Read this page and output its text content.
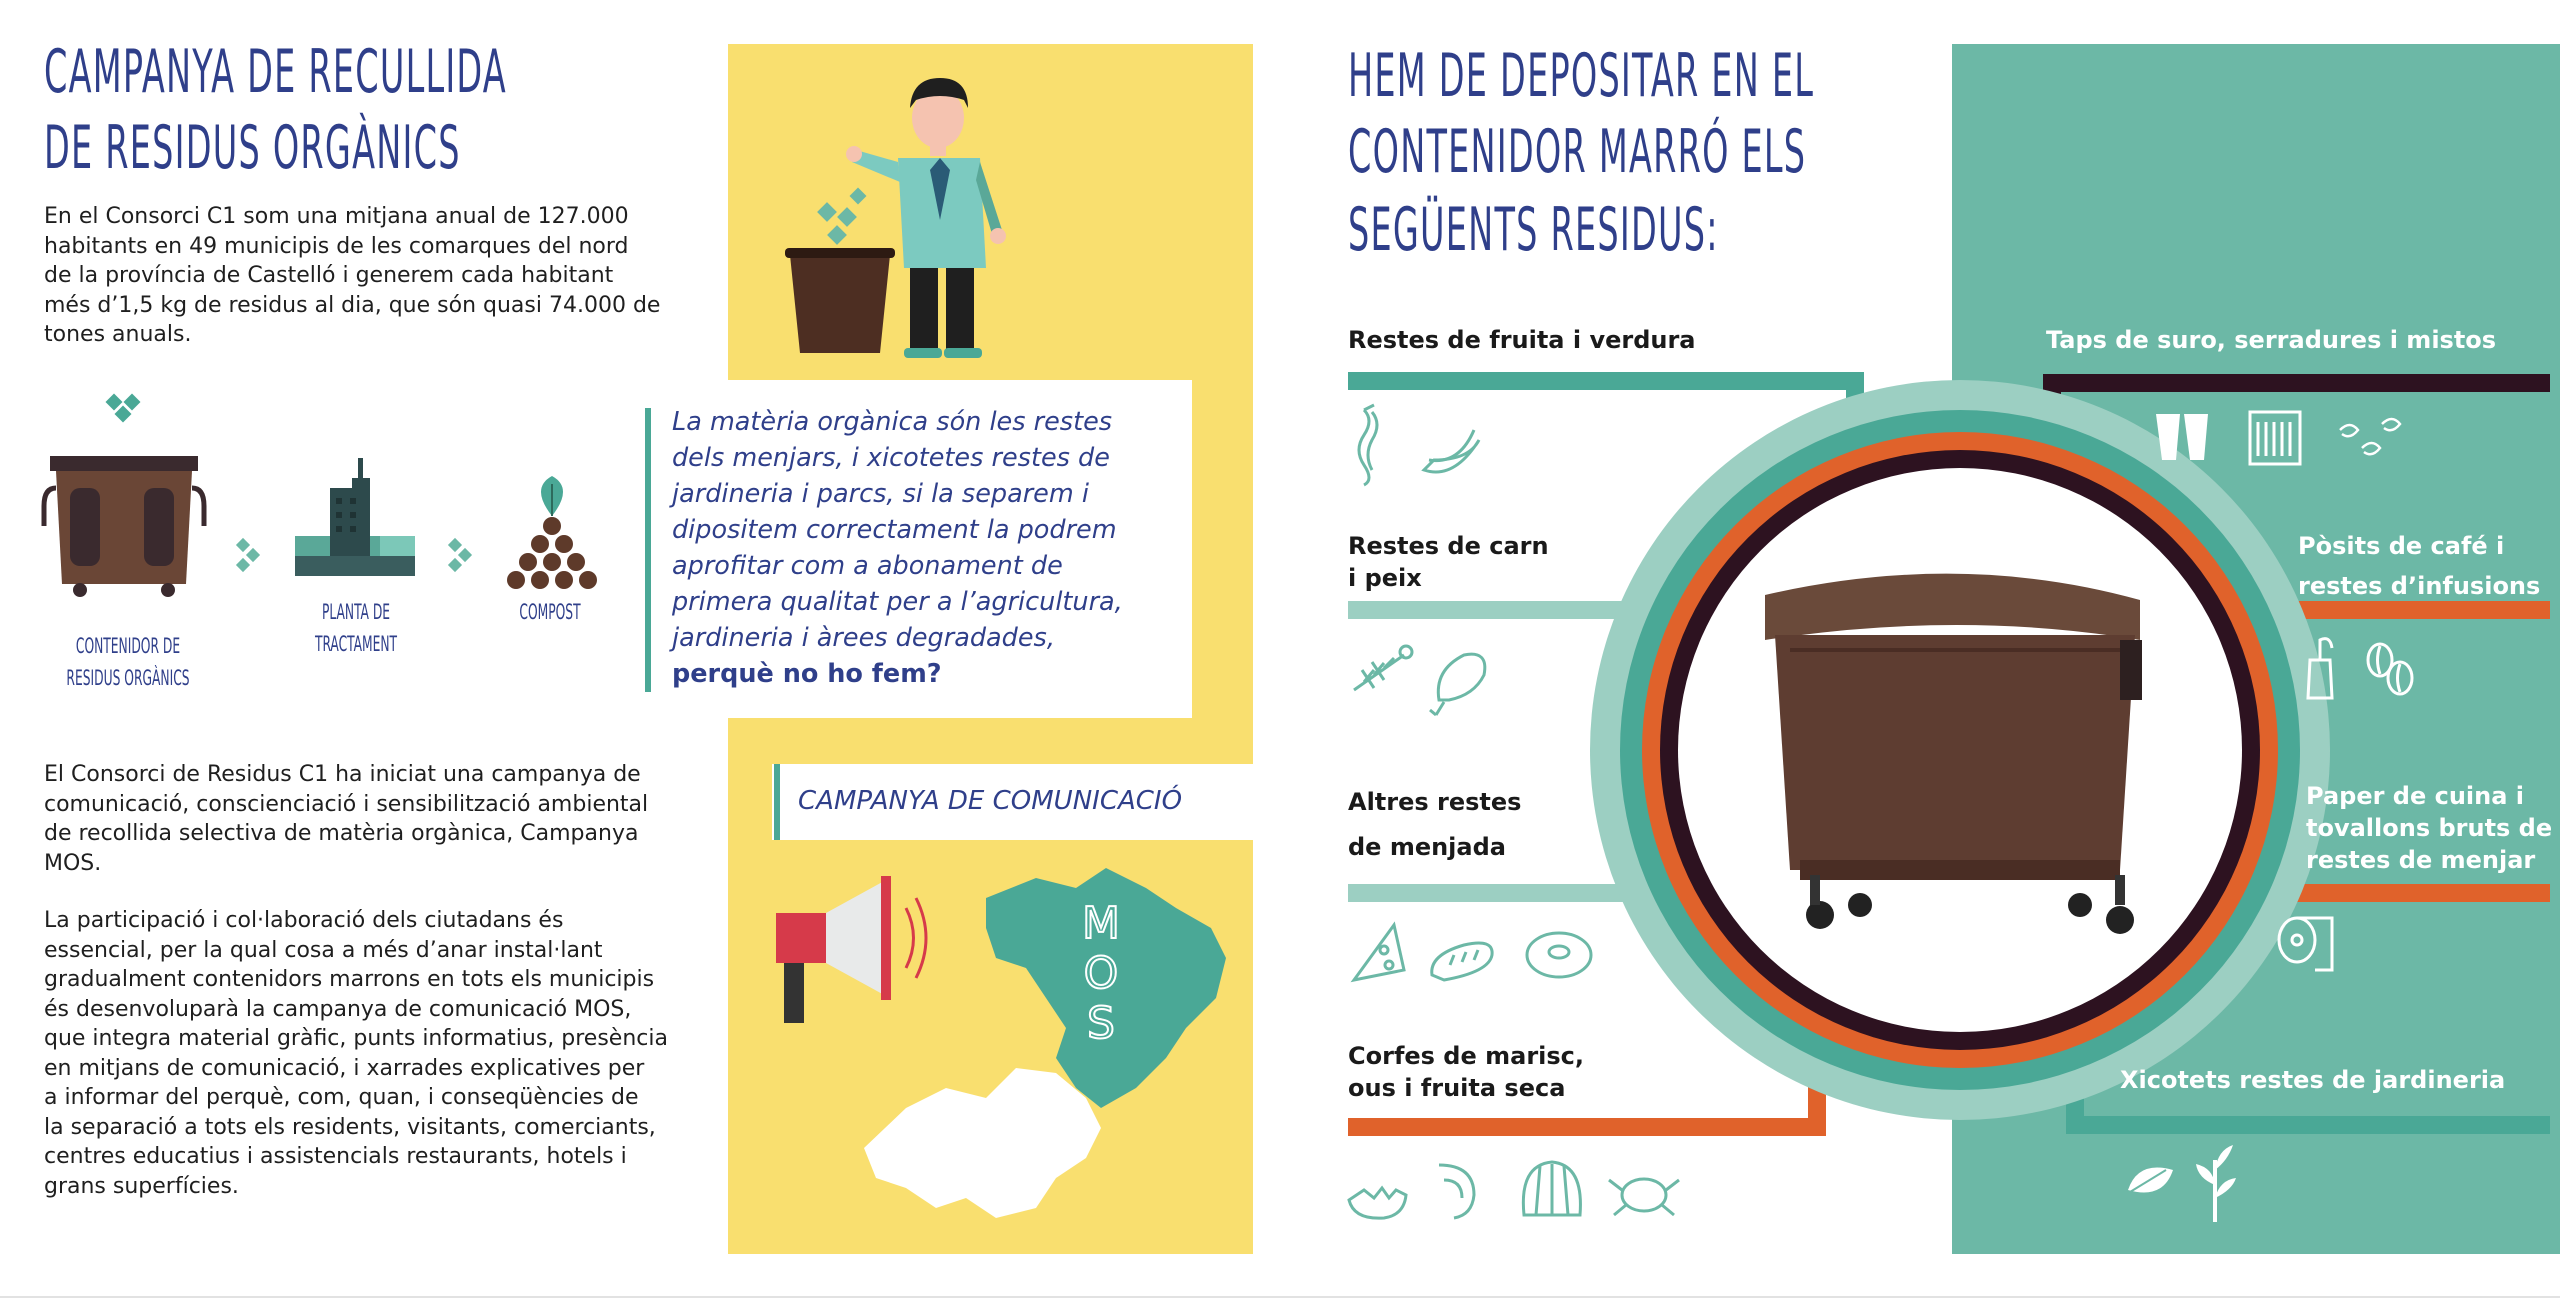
CAMPANYA DE RECULLIDA
DE RESIDUS ORGÀNICS
En el Consorci C1 som una mitjana anual de 127.000
habitants en 49 municipis de les comarques del nord
de la província de Castelló i generem cada habitant
més d’1,5 kg de residus al dia, que són quasi 74.000 de
tones anuals.
CONTENIDOR DE
RESIDUS ORGÀNICS
PLANTA DE
TRACTAMENT
COMPOST
La matèria orgànica són les restes
dels menjars, i xicotetes restes de
jardineria i parcs, si la separem i
dipositem correctament la podrem
aprofitar com a abonament de
primera qualitat per a l’agricultura,
jardineria i àrees degradades,
perquè no ho fem?
El Consorci de Residus C1 ha iniciat una campanya de
comunicació, conscienciació i sensibilització ambiental
de recollida selectiva de matèria orgànica, Campanya
MOS.
La participació i col·laboració dels ciutadans és
essencial, per la qual cosa a més d’anar instal·lant
gradualment contenidors marrons en tots els municipis
és desenvoluparà la campanya de comunicació MOS,
que integra material gràfic, punts informatius, presència
en mitjans de comunicació, i xarrades explicatives per
a informar del perquè, com, quan, i conseqüències de
la separació a tots els residents, visitants, comerciants,
centres educatius i assistencials restaurants, hotels i
grans superfícies.
CAMPANYA DE COMUNICACIÓ
M
O
S
HEM DE DEPOSITAR EN EL
CONTENIDOR MARRÓ ELS
SEGÜENTS RESIDUS:
Restes de fruita i verdura
Restes de carn
i peix
Altres restes
de menjada
Corfes de marisc,
ous i fruita seca
Taps de suro, serradures i mistos
Pòsits de café i
restes d’infusions
Paper de cuina i
tovallons bruts de
restes de menjar
Xicotets restes de jardineria
